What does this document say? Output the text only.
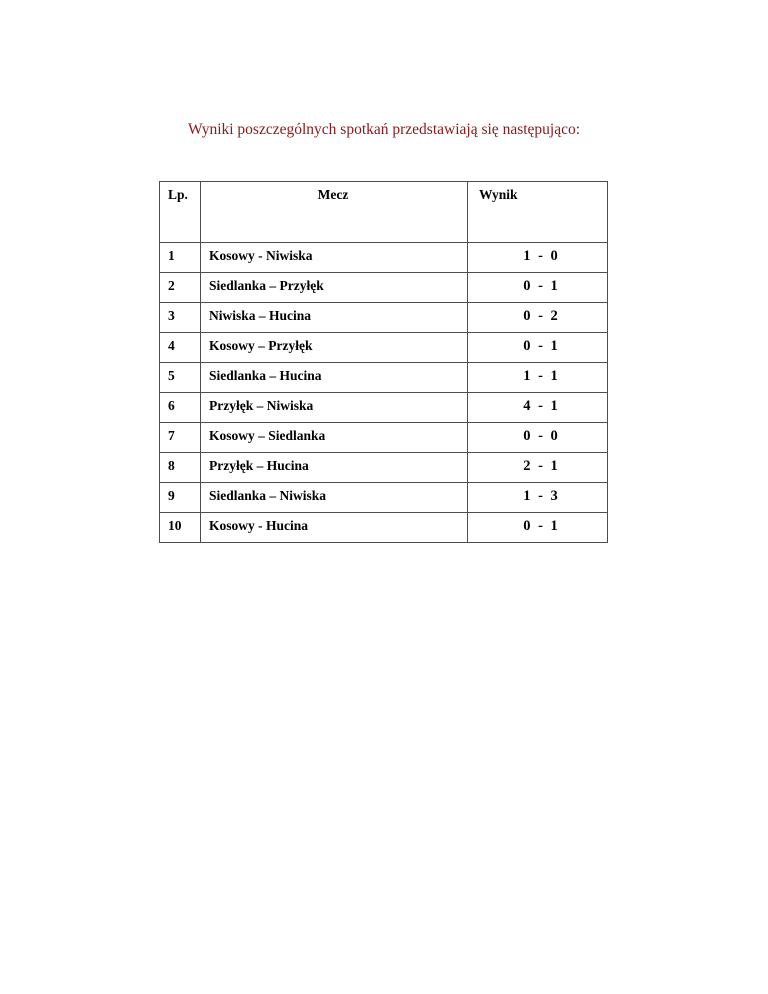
Wyniki poszczególnych spotkań przedstawiają się następująco:

Lp.	Mecz	Wynik
1	Kosowy - Niwiska	1 - 0
2	Siedlanka – Przyłęk	0 - 1
3	Niwiska – Hucina	0 - 2
4	Kosowy – Przyłęk	0 - 1
5	Siedlanka – Hucina	1 - 1
6	Przyłęk – Niwiska	4 - 1
7	Kosowy – Siedlanka	0 - 0
8	Przyłęk – Hucina	2 - 1
9	Siedlanka – Niwiska	1 - 3
10	Kosowy - Hucina	0 - 1
